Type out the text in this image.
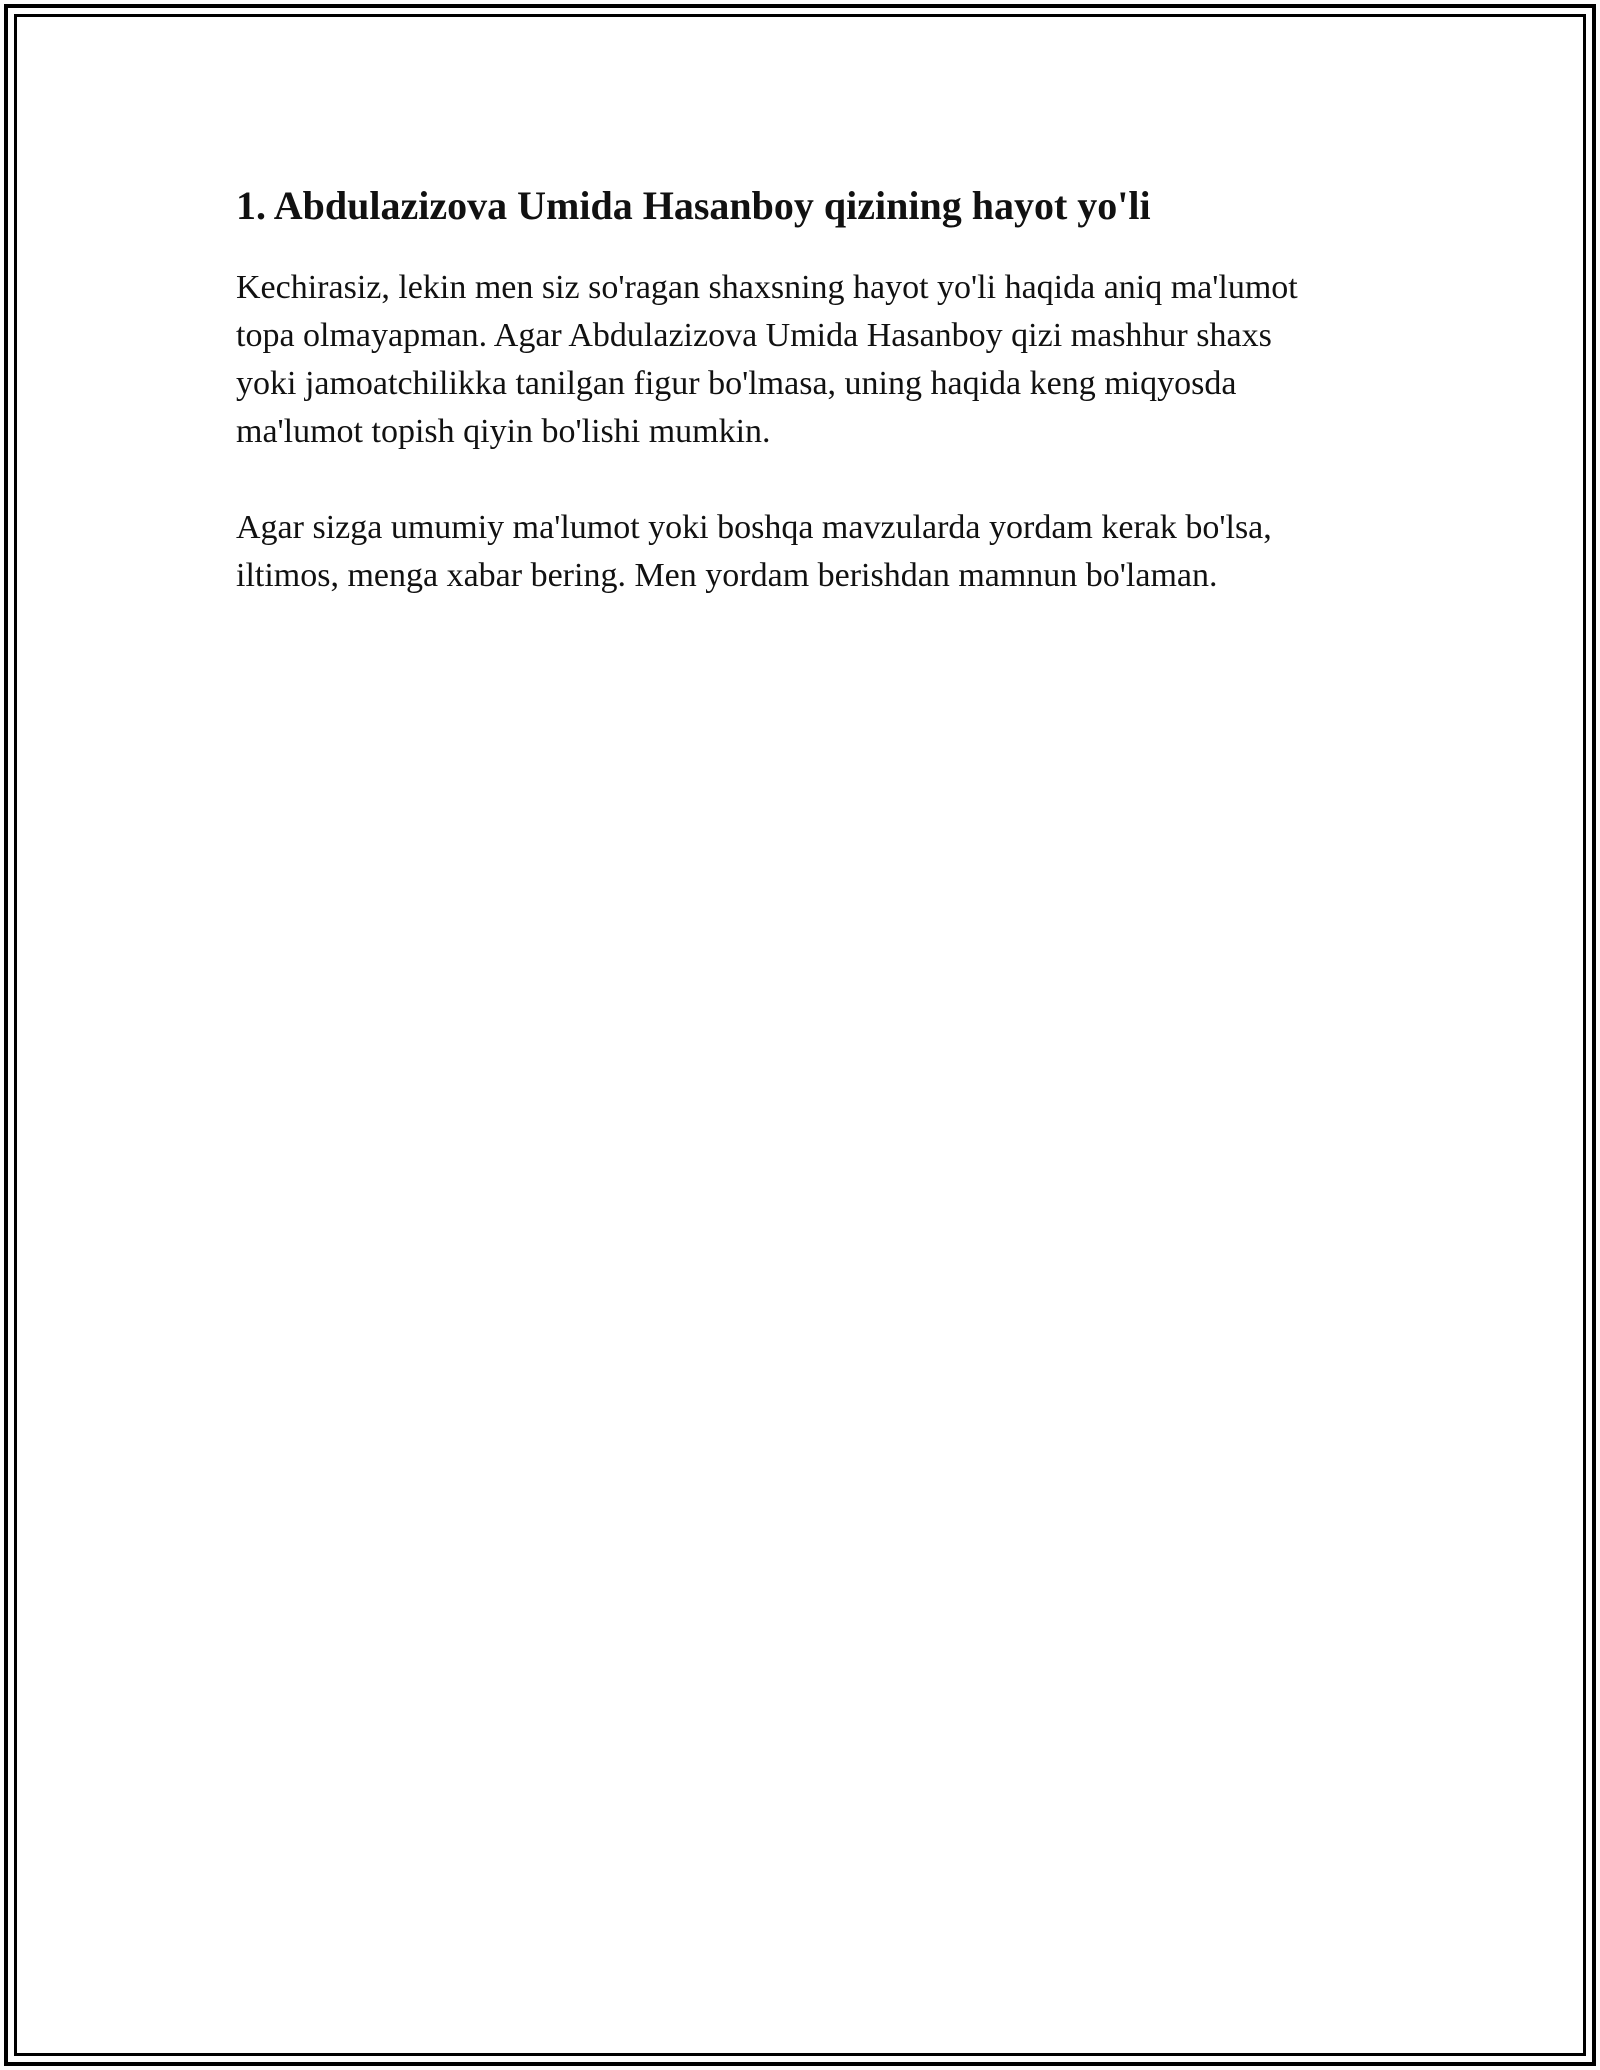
1. Abdulazizova Umida Hasanboy qizining hayot yo'li

Kechirasiz, lekin men siz so'ragan shaxsning hayot yo'li haqida aniq ma'lumot topa olmayapman. Agar Abdulazizova Umida Hasanboy qizi mashhur shaxs yoki jamoatchilikka tanilgan figur bo'lmasa, uning haqida keng miqyosda ma'lumot topish qiyin bo'lishi mumkin.

Agar sizga umumiy ma'lumot yoki boshqa mavzularda yordam kerak bo'lsa, iltimos, menga xabar bering. Men yordam berishdan mamnun bo'laman.
